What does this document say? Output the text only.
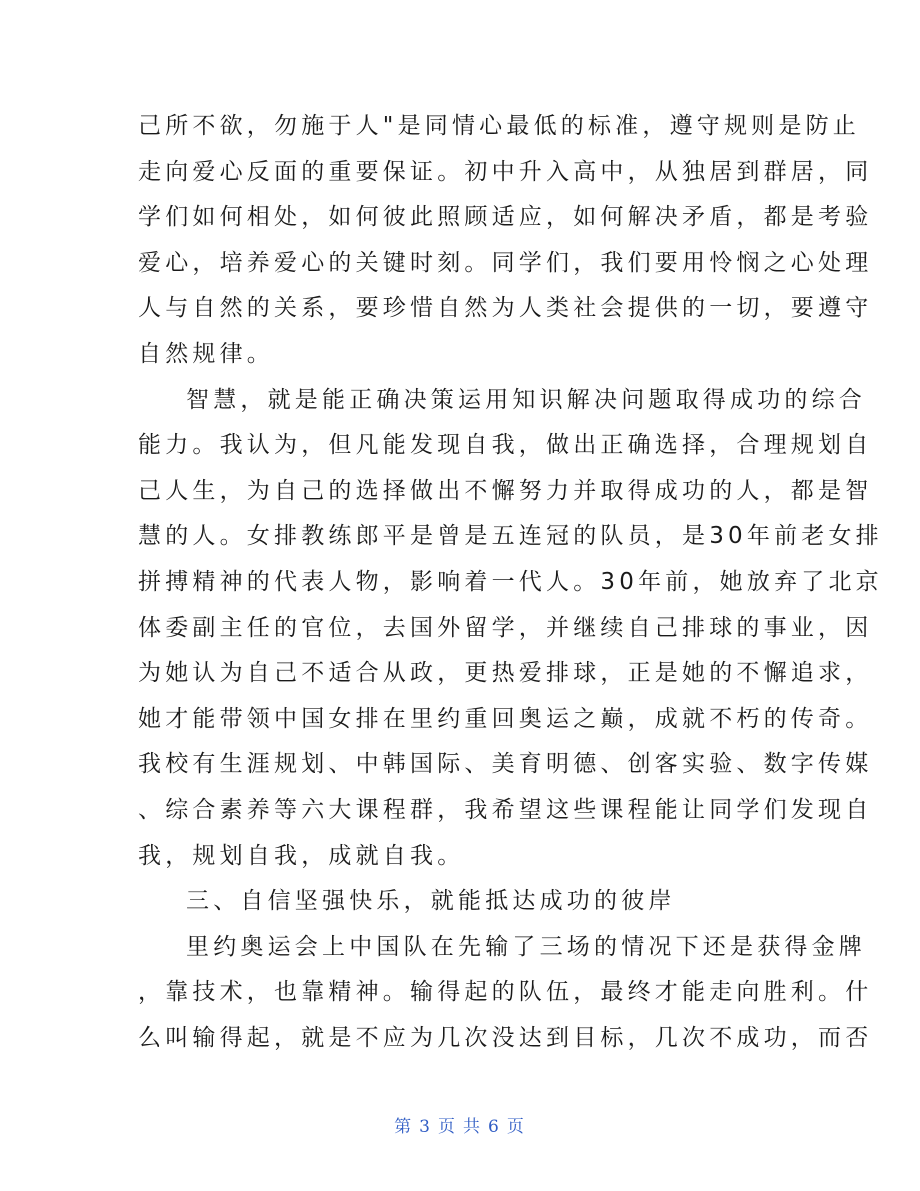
己所不欲，勿施于人"是同情心最低的标准，遵守规则是防止
走向爱心反面的重要保证。初中升入高中，从独居到群居，同
学们如何相处，如何彼此照顾适应，如何解决矛盾，都是考验
爱心，培养爱心的关键时刻。同学们，我们要用怜悯之心处理
人与自然的关系，要珍惜自然为人类社会提供的一切，要遵守
自然规律。
智慧，就是能正确决策运用知识解决问题取得成功的综合
能力。我认为，但凡能发现自我，做出正确选择，合理规划自
己人生，为自己的选择做出不懈努力并取得成功的人，都是智
慧的人。女排教练郎平是曾是五连冠的队员，是30年前老女排
拼搏精神的代表人物，影响着一代人。30年前，她放弃了北京
体委副主任的官位，去国外留学，并继续自己排球的事业，因
为她认为自己不适合从政，更热爱排球，正是她的不懈追求，
她才能带领中国女排在里约重回奥运之巅，成就不朽的传奇。
我校有生涯规划、中韩国际、美育明德、创客实验、数字传媒
、综合素养等六大课程群，我希望这些课程能让同学们发现自
我，规划自我，成就自我。
三、自信坚强快乐，就能抵达成功的彼岸
里约奥运会上中国队在先输了三场的情况下还是获得金牌
，靠技术，也靠精神。输得起的队伍，最终才能走向胜利。什
么叫输得起，就是不应为几次没达到目标，几次不成功，而否
第 3 页 共 6 页
